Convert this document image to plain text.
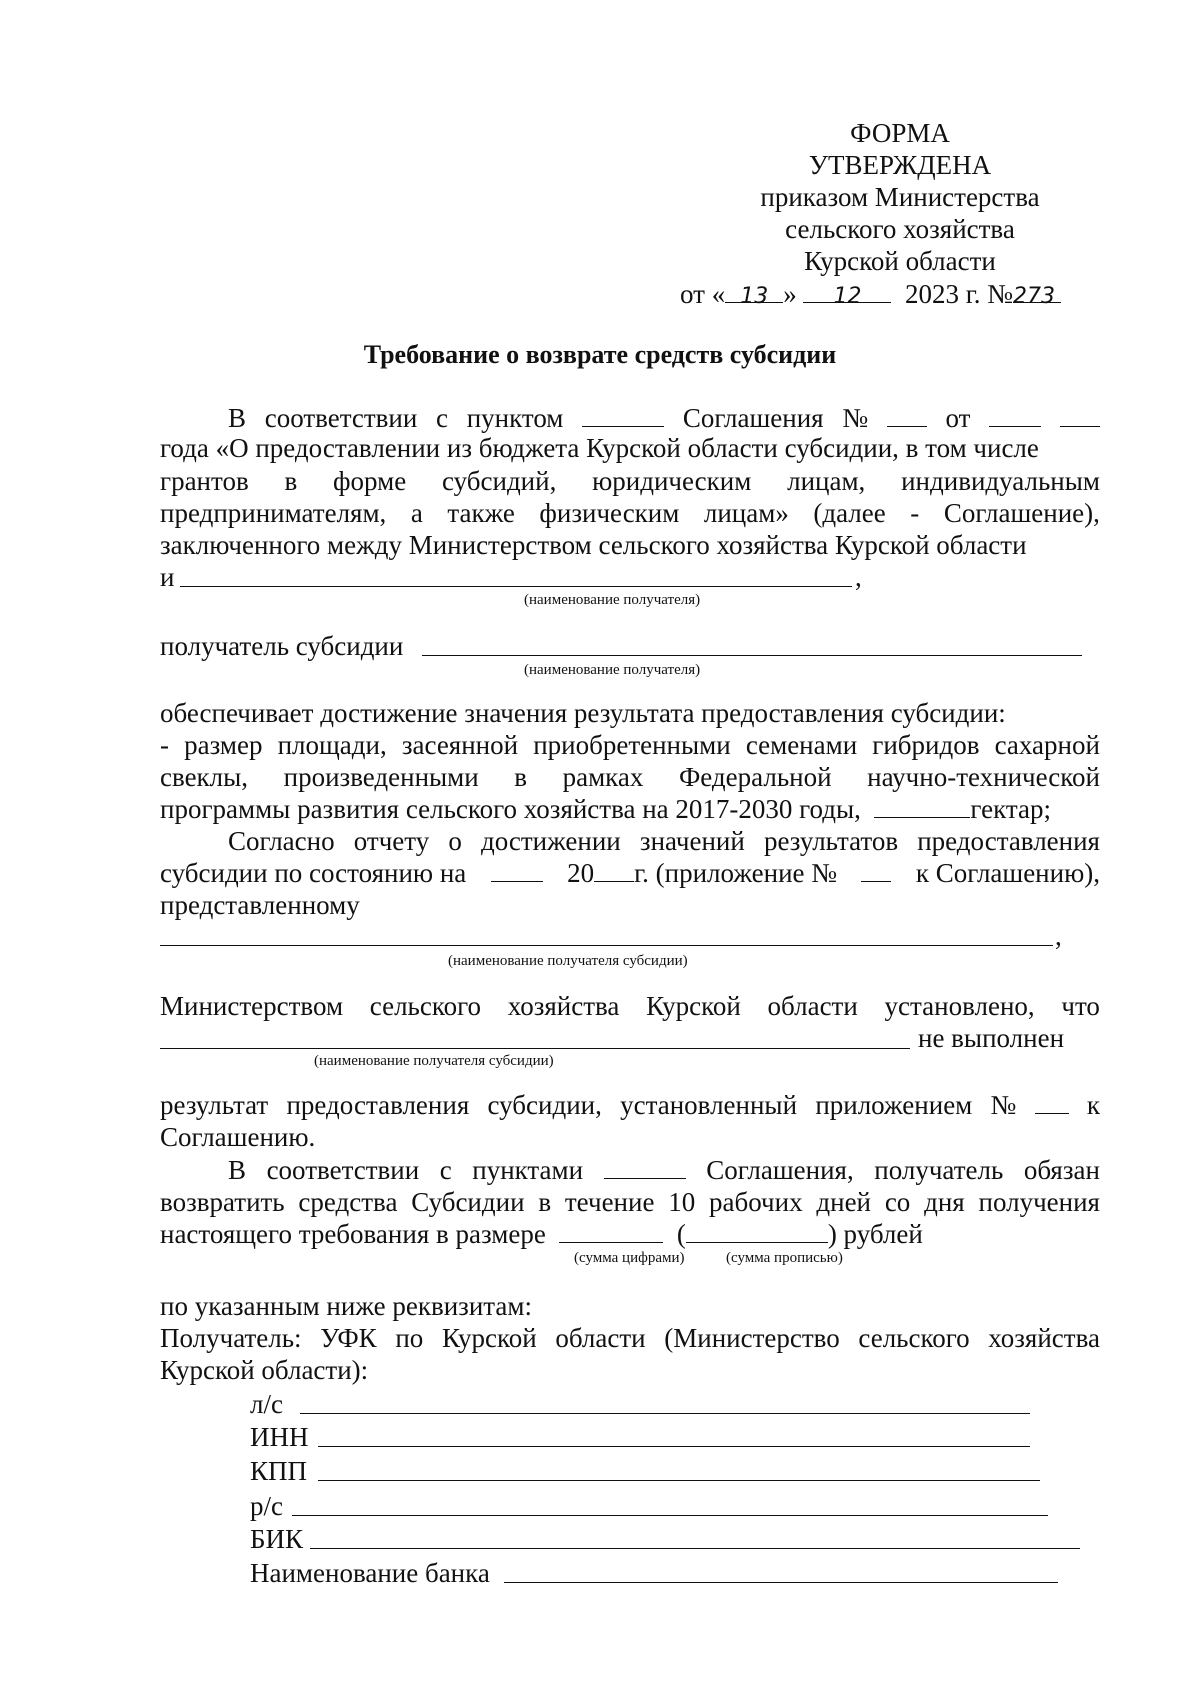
ФОРМА
УТВЕРЖДЕНА
приказом Министерства
сельского хозяйства
Курской области
от « 13 » 12 2023 г. №273
Требование о возврате средств субсидии
В соответствии с пунктом	Соглашения №	от
года «О предоставлении из бюджета Курской области субсидии, в том числе
грантов в форме субсидий, юридическим лицам, индивидуальным
предпринимателям, а также физическим лицам» (далее - Соглашение),
заключенного между Министерством сельского хозяйства Курской области
и	,
(наименование получателя)
получатель субсидии
(наименование получателя)
обеспечивает достижение значения результата предоставления субсидии:
- размер площади, засеянной приобретенными семенами гибридов сахарной
свеклы, произведенными в рамках Федеральной научно-технической
программы развития сельского хозяйства на 2017-2030 годы,	гектар;
Согласно отчету о достижении значений результатов предоставления
субсидии по состоянию на	20 г. (приложение №	к Соглашению),
представленному
,
(наименование получателя субсидии)
Министерством сельского хозяйства Курской области установлено, что
не выполнен
(наименование получателя субсидии)
результат предоставления субсидии, установленный приложением №	к
Соглашению.
В соответствии с пунктами	Соглашения, получатель обязан
возвратить средства Субсидии в течение 10 рабочих дней со дня получения
настоящего требования в размере	(	) рублей
(сумма цифрами)	(сумма прописью)
по указанным ниже реквизитам:
Получатель: УФК по Курской области (Министерство сельского хозяйства
Курской области):
л/с
ИНН
КПП
р/с
БИК
Наименование банка
